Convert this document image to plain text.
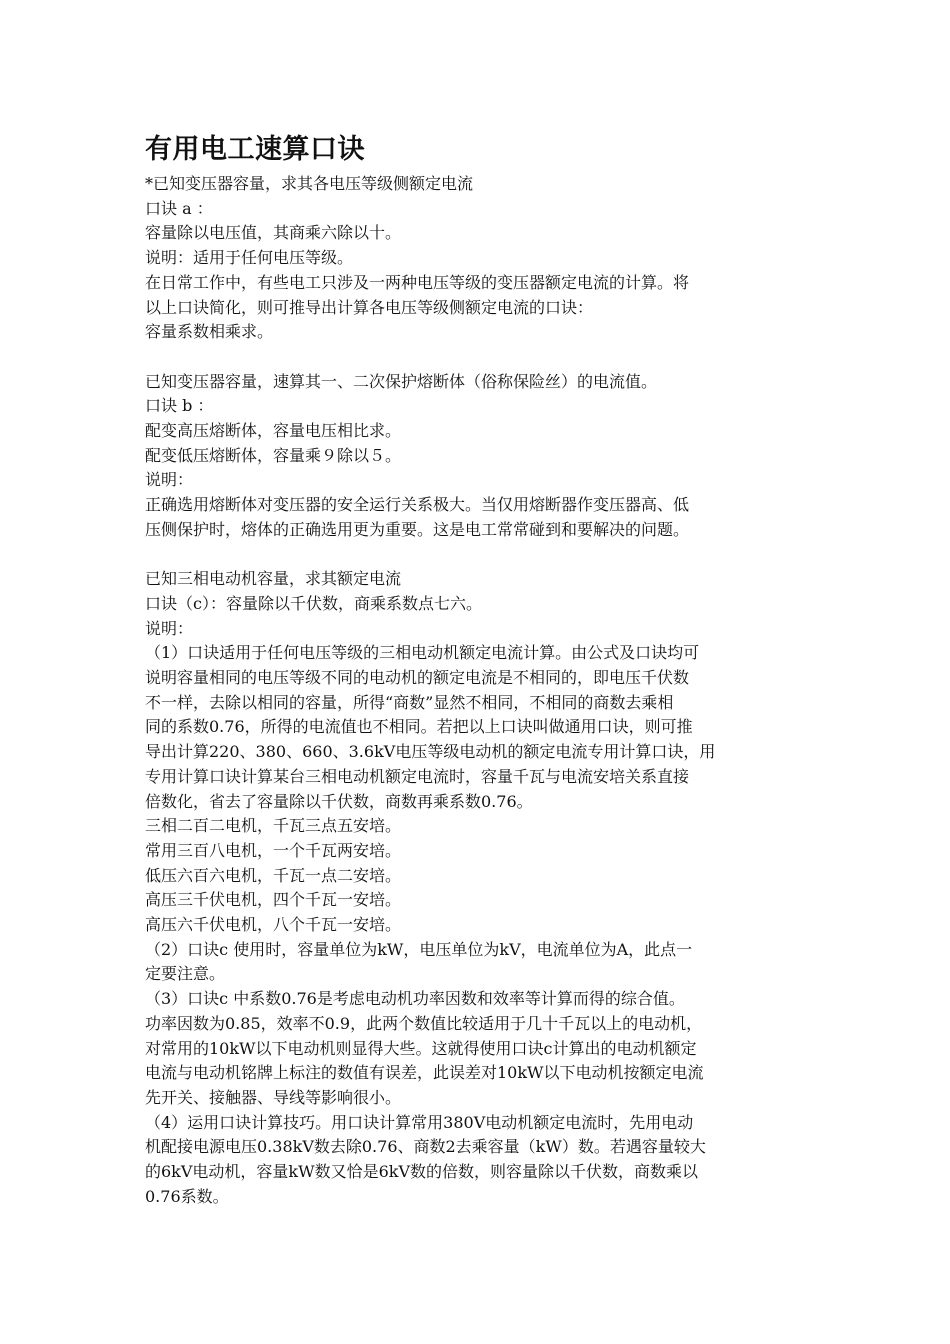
有用电工速算口诀

*已知变压器容量，求其各电压等级侧额定电流

口诀 a ：

容量除以电压值，其商乘六除以十。

说明：适用于任何电压等级。

在日常工作中，有些电工只涉及一两种电压等级的变压器额定电流的计算。将
以上口诀简化，则可推导出计算各电压等级侧额定电流的口诀：

容量系数相乘求。

已知变压器容量，速算其一、二次保护熔断体（俗称保险丝）的电流值。

口诀 b ：

配变高压熔断体，容量电压相比求。

配变低压熔断体，容量乘９除以５。

说明：

正确选用熔断体对变压器的安全运行关系极大。当仅用熔断器作变压器高、低
压侧保护时，熔体的正确选用更为重要。这是电工常常碰到和要解决的问题。

已知三相电动机容量，求其额定电流

口诀（c）：容量除以千伏数，商乘系数点七六。

说明：

（1）口诀适用于任何电压等级的三相电动机额定电流计算。由公式及口诀均可
说明容量相同的电压等级不同的电动机的额定电流是不相同的，即电压千伏数
不一样，去除以相同的容量，所得“商数”显然不相同，不相同的商数去乘相
同的系数0.76，所得的电流值也不相同。若把以上口诀叫做通用口诀，则可推
导出计算220、380、660、3.6kV电压等级电动机的额定电流专用计算口诀，用
专用计算口诀计算某台三相电动机额定电流时，容量千瓦与电流安培关系直接
倍数化，省去了容量除以千伏数，商数再乘系数0.76。
三相二百二电机，千瓦三点五安培。
常用三百八电机，一个千瓦两安培。
低压六百六电机，千瓦一点二安培。
高压三千伏电机，四个千瓦一安培。
高压六千伏电机，八个千瓦一安培。
（2）口诀c 使用时，容量单位为kW，电压单位为kV，电流单位为A，此点一
定要注意。
（3）口诀c 中系数0.76是考虑电动机功率因数和效率等计算而得的综合值。
功率因数为0.85，效率不0.9，此两个数值比较适用于几十千瓦以上的电动机，
对常用的10kW以下电动机则显得大些。这就得使用口诀c计算出的电动机额定
电流与电动机铭牌上标注的数值有误差，此误差对10kW以下电动机按额定电流
先开关、接触器、导线等影响很小。
（4）运用口诀计算技巧。用口诀计算常用380V电动机额定电流时，先用电动
机配接电源电压0.38kV数去除0.76、商数2去乘容量（kW）数。若遇容量较大
的6kV电动机，容量kW数又恰是6kV数的倍数，则容量除以千伏数，商数乘以
0.76系数。
